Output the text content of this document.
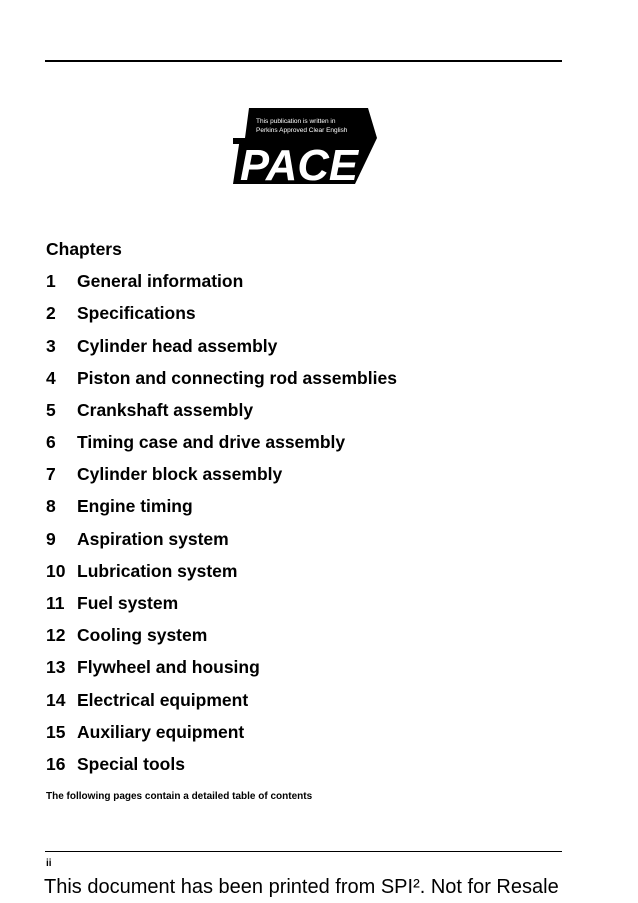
PACE
This publication is written in
Perkins Approved Clear English
Chapters
1 General information
2 Specifications
3 Cylinder head assembly
4 Piston and connecting rod assemblies
5 Crankshaft assembly
6 Timing case and drive assembly
7 Cylinder block assembly
8 Engine timing
9 Aspiration system
10 Lubrication system
11 Fuel system
12 Cooling system
13 Flywheel and housing
14 Electrical equipment
15 Auxiliary equipment
16 Special tools
The following pages contain a detailed table of contents
ii
This document has been printed from SPI². Not for Resale
